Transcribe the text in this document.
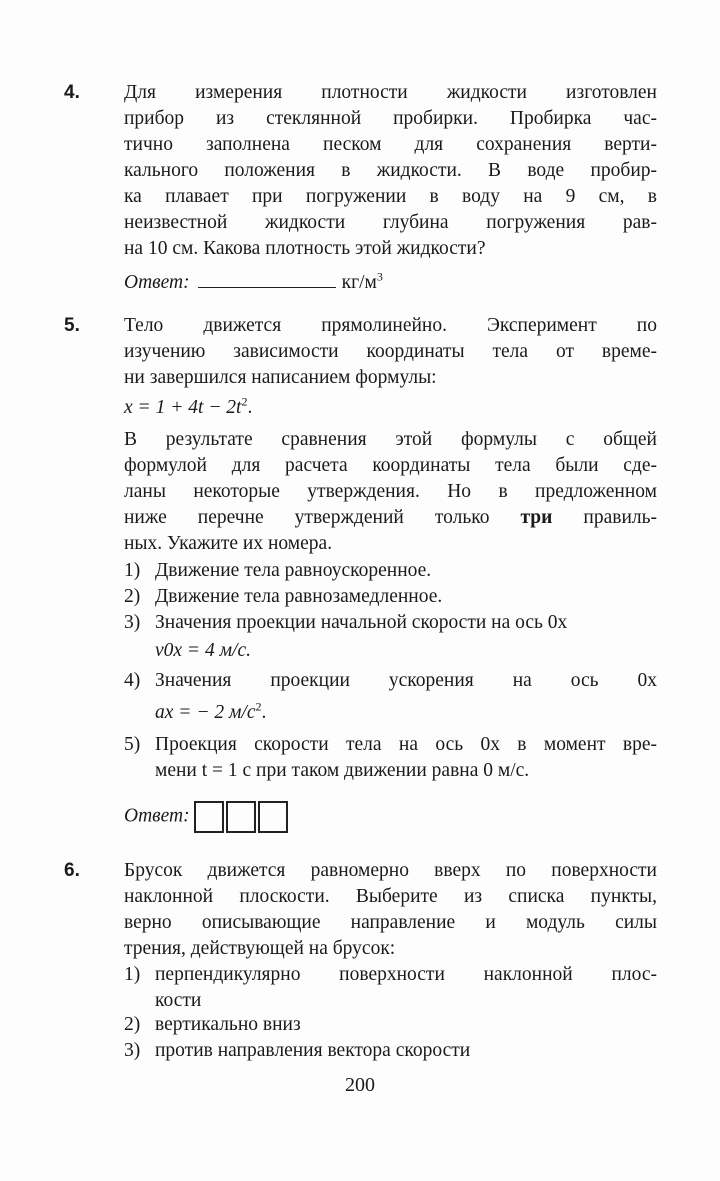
4. Для измерения плотности жидкости изготовлен
прибор из стеклянной пробирки. Пробирка час-
тично заполнена песком для сохранения верти-
кального положения в жидкости. В воде пробир-
ка плавает при погружении в воду на 9 см, в
неизвестной жидкости глубина погружения рав-
на 10 см. Какова плотность этой жидкости?
Ответ:	$кг/м^3$
5. Тело движется прямолинейно. Эксперимент по
изучению зависимости координаты тела от време-
ни завершился написанием формулы:
$x = 1 + 4t - 2t^2$.
В результате сравнения этой формулы с общей
формулой для расчета координаты тела были сде-
ланы некоторые утверждения. Но в предложенном
ниже перечне утверждений только три правиль-
ных. Укажите их номера.
1) Движение тела равноускоренное.
2) Движение тела равнозамедленное.
3) Значения проекции начальной скорости на ось 0x
v0x = 4 м/с.
4) Значения проекции ускорения на ось 0x
ax = − 2 $м/с^2$.
5) Проекция скорости тела на ось 0x в момент вре-
мени t = 1 с при таком движении равна 0 м/с.
Ответ:
6. Брусок движется равномерно вверх по поверхности
наклонной плоскости. Выберите из списка пункты,
верно описывающие направление и модуль силы
трения, действующей на брусок:
1) перпендикулярно поверхности наклонной плос-
кости
2) вертикально вниз
3) против направления вектора скорости
200
